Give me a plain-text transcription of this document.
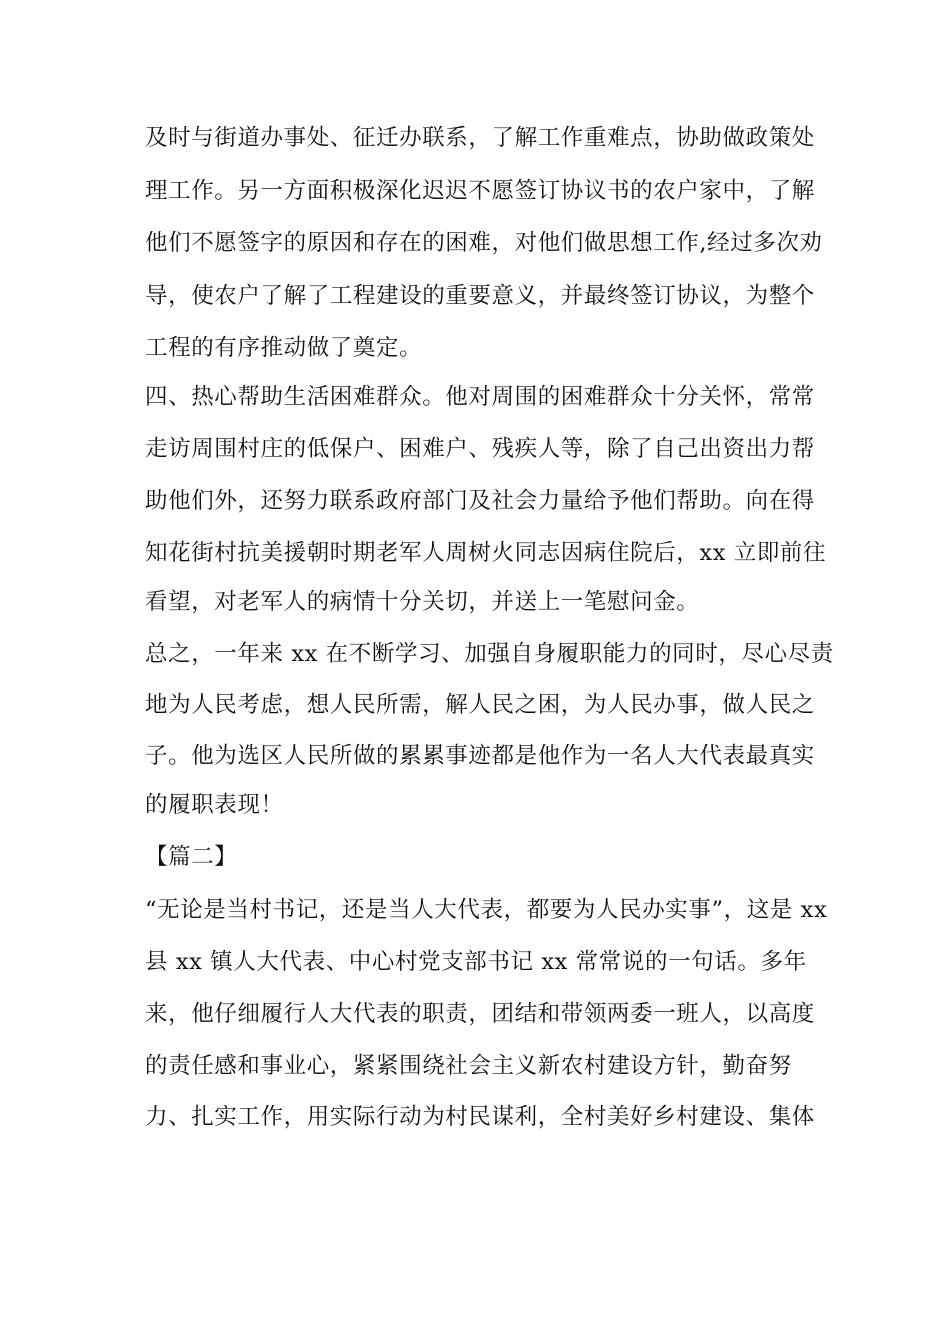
及时与街道办事处、征迁办联系，了解工作重难点，协助做政策处
理工作。另一方面积极深化迟迟不愿签订协议书的农户家中，了解
他们不愿签字的原因和存在的困难，对他们做思想工作,经过多次劝
导，使农户了解了工程建设的重要意义，并最终签订协议，为整个
工程的有序推动做了奠定。
四、热心帮助生活困难群众。他对周围的困难群众十分关怀，常常
走访周围村庄的低保户、困难户、残疾人等，除了自己出资出力帮
助他们外，还努力联系政府部门及社会力量给予他们帮助。向在得
知花街村抗美援朝时期老军人周树火同志因病住院后，xx 立即前往
看望，对老军人的病情十分关切，并送上一笔慰问金。
总之，一年来 xx 在不断学习、加强自身履职能力的同时，尽心尽责
地为人民考虑，想人民所需，解人民之困，为人民办事，做人民之
子。他为选区人民所做的累累事迹都是他作为一名人大代表最真实
的履职表现！
【篇二】
“无论是当村书记，还是当人大代表，都要为人民办实事”，这是 xx
县 xx 镇人大代表、中心村党支部书记 xx 常常说的一句话。多年
来，他仔细履行人大代表的职责，团结和带领两委一班人，以高度
的责任感和事业心，紧紧围绕社会主义新农村建设方针，勤奋努
力、扎实工作，用实际行动为村民谋利，全村美好乡村建设、集体
